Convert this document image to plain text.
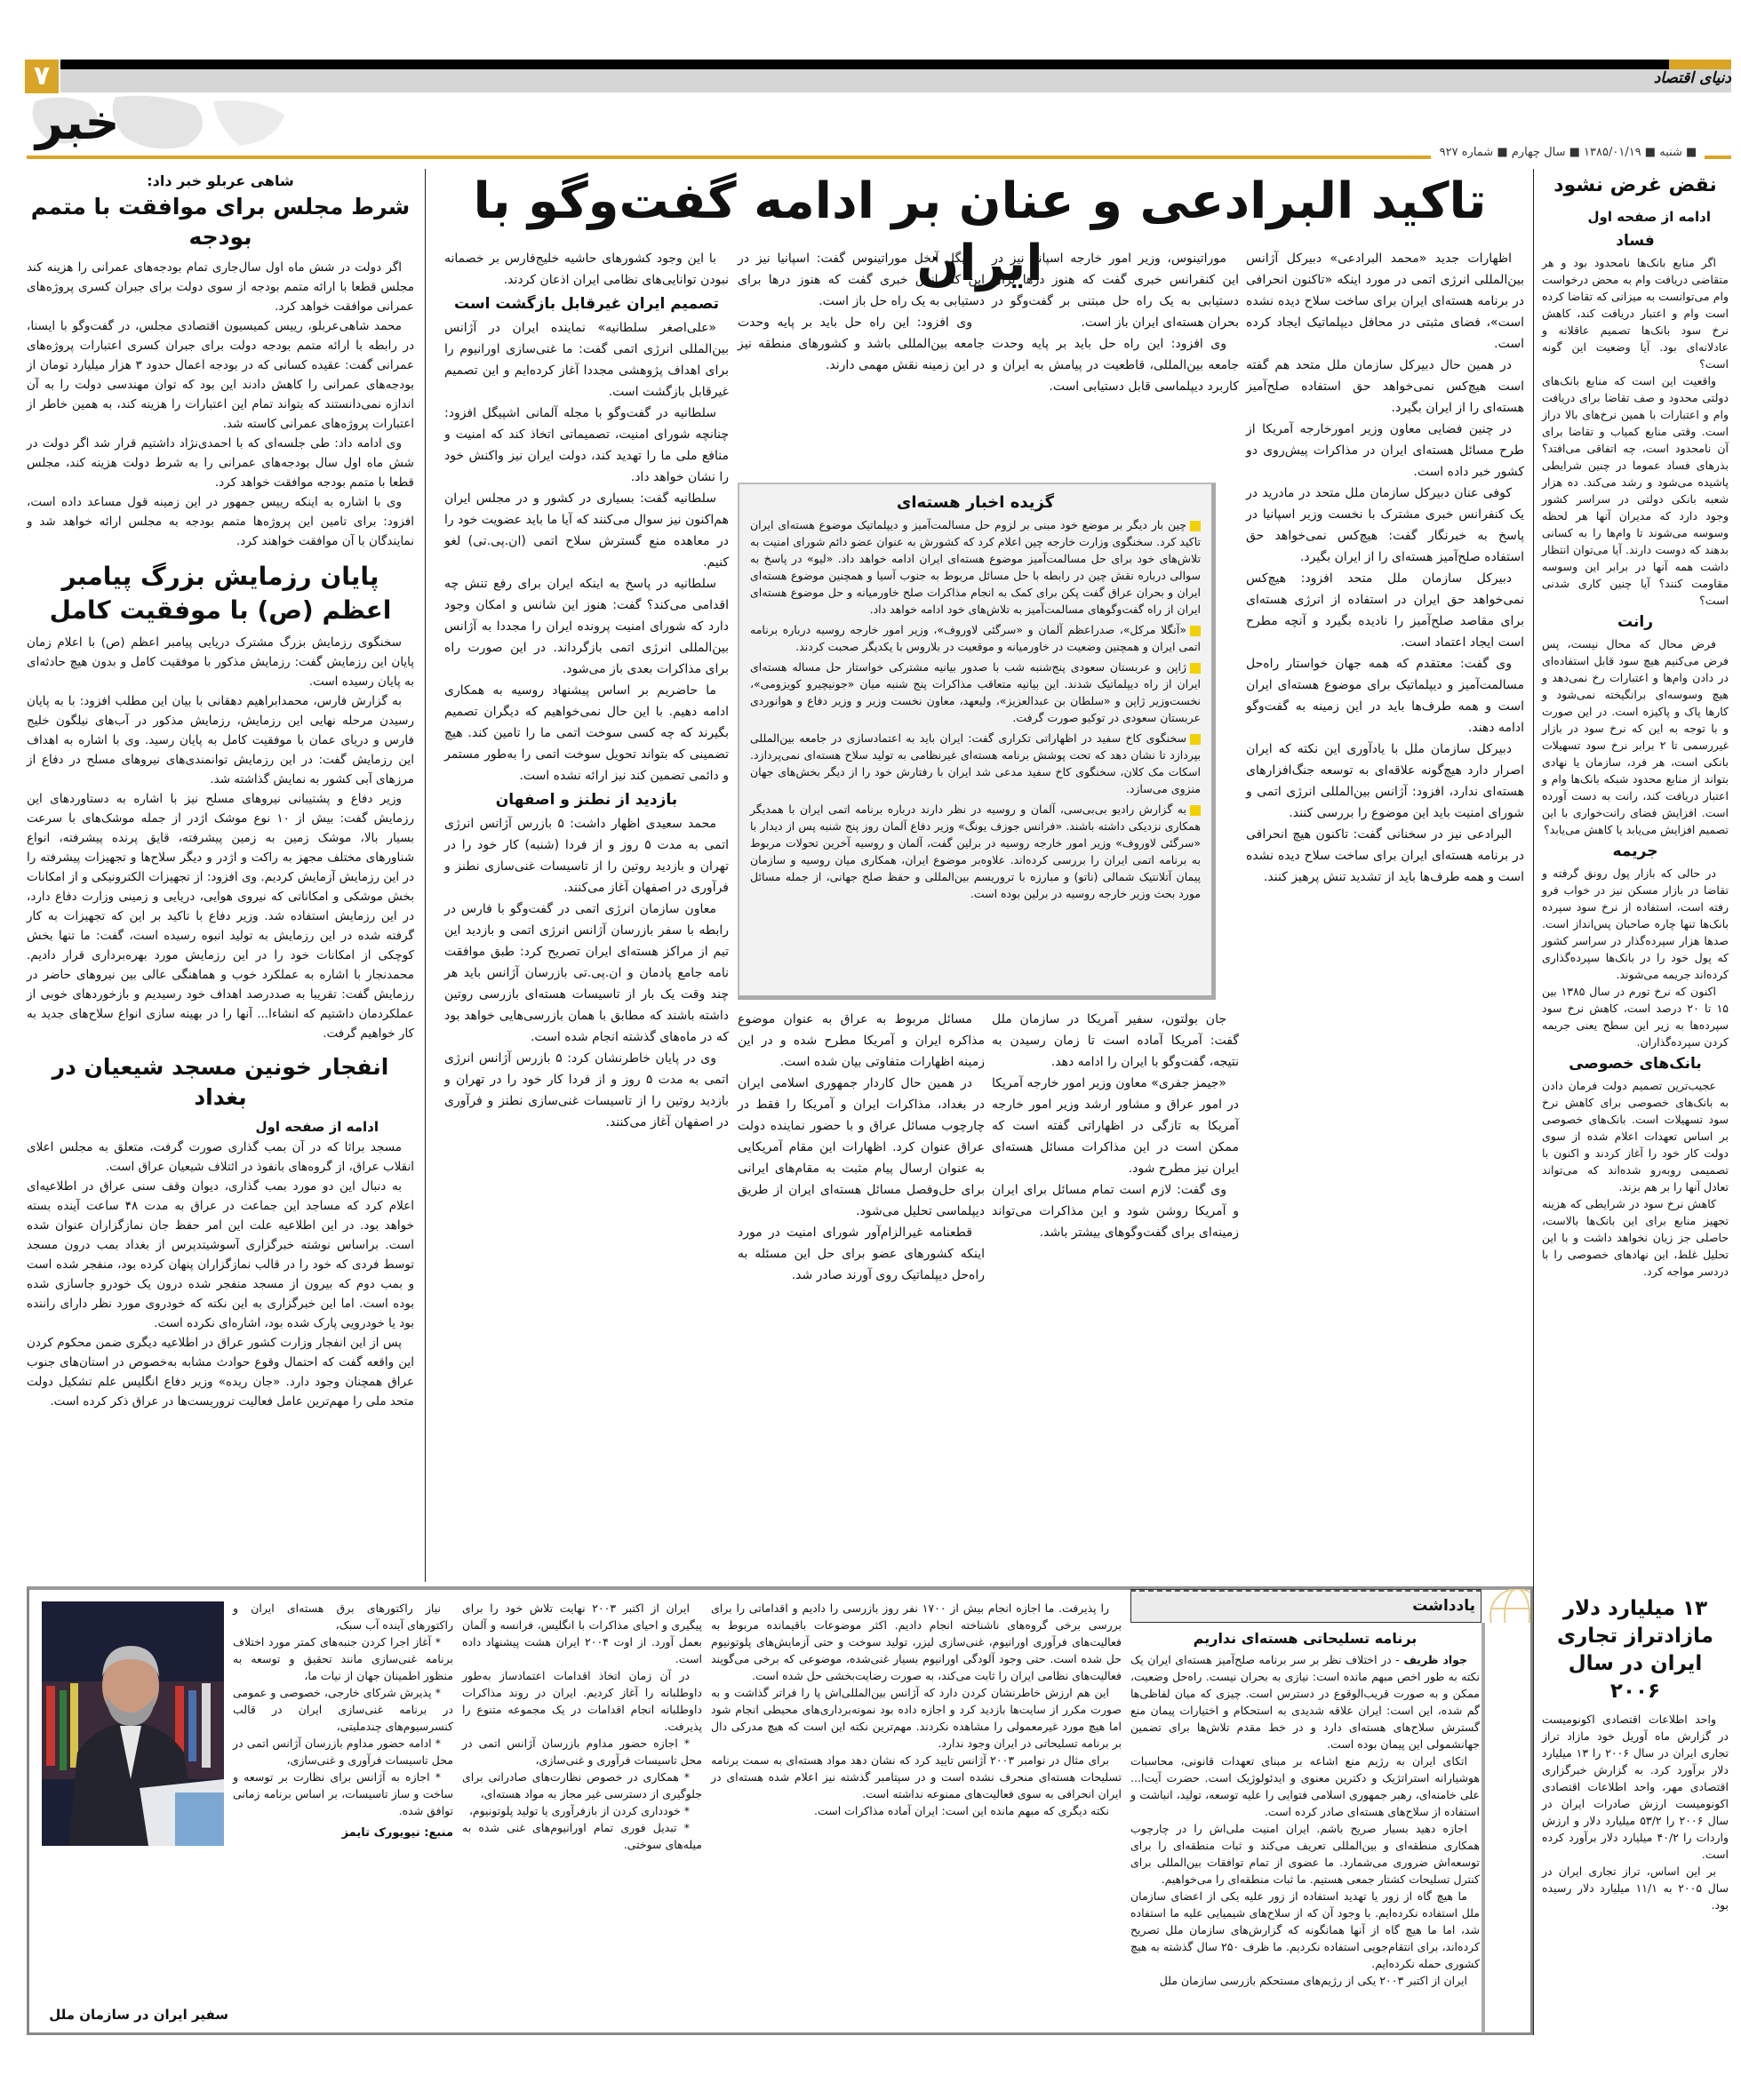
۷	دنیای اقتصاد
خبر
■ شنبه ■ ۱۳۸۵/۰۱/۱۹ ■ سال چهارم ■ شماره ۹۲۷
شاهی عربلو خبر داد:
شرط مجلس برای موافقت با متمم بودجه

اگر دولت در شش ماه اول سال‌جاری تمام بودجه‌های عمرانی را هزینه کند مجلس قطعا با ارائه متمم بودجه از سوی دولت برای جبران کسری پروژه‌های عمرانی موافقت خواهد کرد.

محمد شاهی‌عربلو، رییس کمیسیون اقتصادی مجلس، در گفت‌وگو با ایسنا، در رابطه با ارائه متمم بودجه دولت برای جبران کسری اعتبارات پروژه‌های عمرانی گفت: عقیده کسانی که در بودجه اعمال حدود ۳ هزار میلیارد تومان از بودجه‌های عمرانی را کاهش دادند این بود که توان مهندسی دولت را به آن اندازه نمی‌دانستند که بتواند تمام این اعتبارات را هزینه کند، به همین خاطر از اعتبارات پروژه‌های عمرانی کاسته شد.

وی ادامه داد: طی جلسه‌ای که با احمدی‌نژاد داشتیم قرار شد اگر دولت در شش ماه اول سال بودجه‌های عمرانی را به شرط دولت هزینه کند، مجلس قطعا با متمم بودجه موافقت خواهد کرد.

وی با اشاره به اینکه رییس جمهور در این زمینه قول مساعد داده است، افزود: برای تامین این پروژه‌ها متمم بودجه به مجلس ارائه خواهد شد و نمایندگان با آن موافقت خواهند کرد.

پایان رزمایش بزرگ پیامبر اعظم (ص) با موفقیت کامل

سخنگوی رزمایش بزرگ مشترک دریایی پیامبر اعظم (ص) با اعلام زمان پایان این رزمایش گفت: رزمایش مذکور با موفقیت کامل و بدون هیچ حادثه‌ای به پایان رسیده است.

به گزارش فارس، محمدابراهیم دهقانی با بیان این مطلب افزود: با به پایان رسیدن مرحله نهایی این رزمایش، رزمایش مذکور در آب‌های نیلگون خلیج فارس و دریای عمان با موفقیت کامل به پایان رسید. وی با اشاره به اهداف این رزمایش گفت: در این رزمایش توانمندی‌های نیروهای مسلح در دفاع از مرزهای آبی کشور به نمایش گذاشته شد.

وزیر دفاع و پشتیبانی نیروهای مسلح نیز با اشاره به دستاوردهای این رزمایش گفت: بیش از ۱۰ نوع موشک اژدر از جمله موشک‌های با سرعت بسیار بالا، موشک زمین به زمین پیشرفته، قایق پرنده پیشرفته، انواع شناورهای مختلف مجهز به راکت و اژدر و دیگر سلاح‌ها و تجهیزات پیشرفته را در این رزمایش آزمایش کردیم. وی افزود: از تجهیزات الکترونیکی و از امکانات بخش موشکی و امکاناتی که نیروی هوایی، دریایی و زمینی وزارت دفاع دارد، در این رزمایش استفاده شد. وزیر دفاع با تاکید بر این که تجهیزات به کار گرفته شده در این رزمایش به تولید انبوه رسیده است، گفت: ما تنها بخش کوچکی از امکانات خود را در این رزمایش مورد بهره‌برداری قرار دادیم. محمدنجار با اشاره به عملکرد خوب و هماهنگی عالی بین نیروهای حاضر در رزمایش گفت: تقریبا به صددرصد اهداف خود رسیدیم و بازخوردهای خوبی از عملکردمان داشتیم که انشاءا... آنها را در بهینه سازی انواع سلاح‌های جدید به کار خواهیم گرفت.

انفجار خونین مسجد شیعیان در بغداد
ادامه از صفحه اول

مسجد براثا که در آن بمب گذاری صورت گرفت، متعلق به مجلس اعلای انقلاب عراق، از گروه‌های بانفوذ در ائتلاف شیعیان عراق است.

به دنبال این دو مورد بمب گذاری، دیوان وقف سنی عراق در اطلاعیه‌ای اعلام کرد که مساجد این جماعت در عراق به مدت ۴۸ ساعت آینده بسته خواهد بود. در این اطلاعیه علت این امر حفظ جان نمازگزاران عنوان شده است. براساس نوشته خبرگزاری آسوشیتدپرس از بغداد بمب درون مسجد توسط فردی که خود را در قالب نمازگزاران پنهان کرده بود، منفجر شده است و بمب دوم که بیرون از مسجد منفجر شده درون یک خودرو جاسازی شده بوده است. اما این خبرگزاری به این نکته که خودروی مورد نظر دارای راننده بود یا خودرویی پارک شده بود، اشاره‌ای نکرده است.

پس از این انفجار وزارت کشور عراق در اطلاعیه دیگری ضمن محکوم کردن این واقعه گفت که احتمال وقوع حوادث مشابه به‌خصوص در استان‌های جنوب عراق همچنان وجود دارد. «جان ریده» وزیر دفاع انگلیس علم تشکیل دولت متحد ملی را مهم‌ترین عامل فعالیت تروریست‌ها در عراق ذکر کرده است.

تاکید البرادعی و عنان بر ادامه گفت‌وگو با ایران	اظهارات جدید «محمد البرادعی» دبیرکل آژانس بین‌المللی انرژی اتمی در مورد اینکه «تاکنون انحرافی در برنامه هسته‌ای ایران برای ساخت سلاح دیده نشده است»، فضای مثبتی در محافل دیپلماتیک ایجاد کرده است.

در همین حال دبیرکل سازمان ملل متحد هم گفته است هیچ‌کس نمی‌خواهد حق استفاده صلح‌آمیز هسته‌ای را از ایران بگیرد.

در چنین فضایی معاون وزیر امورخارجه آمریکا از طرح مسائل هسته‌ای ایران در مذاکرات پیش‌روی دو کشور خبر داده است.

کوفی عنان دبیرکل سازمان ملل متحد در مادرید در یک کنفرانس خبری مشترک با نخست وزیر اسپانیا در پاسخ به خبرنگار گفت: هیچ‌کس نمی‌خواهد حق استفاده صلح‌آمیز هسته‌ای را از ایران بگیرد.

دبیرکل سازمان ملل متحد افزود: هیچ‌کس نمی‌خواهد حق ایران در استفاده از انرژی هسته‌ای برای مقاصد صلح‌آمیز را نادیده بگیرد و آنچه مطرح است ایجاد اعتماد است.

وی گفت: معتقدم که همه جهان خواستار راه‌حل مسالمت‌آمیز و دیپلماتیک برای موضوع هسته‌ای ایران است و همه طرف‌ها باید در این زمینه به گفت‌وگو ادامه دهند.

دبیرکل سازمان ملل با یادآوری این نکته که ایران اصرار دارد هیچ‌گونه علاقه‌ای به توسعه جنگ‌افزارهای هسته‌ای ندارد، افزود: آژانس بین‌المللی انرژی اتمی و شورای امنیت باید این موضوع را بررسی کنند.

البرادعی نیز در سخنانی گفت: تاکنون هیچ انحرافی در برنامه هسته‌ای ایران برای ساخت سلاح دیده نشده است و همه طرف‌ها باید از تشدید تنش پرهیز کنند.

موراتینوس، وزیر امور خارجه اسپانیا نیز در این کنفرانس خبری گفت که هنوز درها برای دستیابی به یک راه حل مبتنی بر گفت‌وگو در بحران هسته‌ای ایران باز است.

وی افزود: این راه حل باید بر پایه وحدت جامعه بین‌المللی، قاطعیت در پیامش به ایران و کاربرد دیپلماسی قابل دستیابی است.

میگل آنخل موراتینوس گفت: اسپانیا نیز در این کنفرانس خبری گفت که هنوز درها برای دستیابی به یک راه حل باز است.

وی افزود: این راه حل باید بر پایه وحدت جامعه بین‌المللی باشد و کشورهای منطقه نیز در این زمینه نقش مهمی دارند.

جان بولتون، سفیر آمریکا در سازمان ملل گفت: آمریکا آماده است تا زمان رسیدن به نتیجه، گفت‌وگو با ایران را ادامه دهد.

«جیمز جفری» معاون وزیر امور خارجه آمریکا در امور عراق و مشاور ارشد وزیر امور خارجه آمریکا به تازگی در اظهاراتی گفته است که ممکن است در این مذاکرات مسائل هسته‌ای ایران نیز مطرح شود.

وی گفت: لازم است تمام مسائل برای ایران و آمریکا روشن شود و این مذاکرات می‌تواند زمینه‌ای برای گفت‌وگوهای بیشتر باشد.

مسائل مربوط به عراق به عنوان موضوع مذاکره ایران و آمریکا مطرح شده و در این زمینه اظهارات متفاوتی بیان شده است.

در همین حال کاردار جمهوری اسلامی ایران در بغداد، مذاکرات ایران و آمریکا را فقط در چارچوب مسائل عراق و با حضور نماینده دولت عراق عنوان کرد. اظهارات این مقام آمریکایی به عنوان ارسال پیام مثبت به مقام‌های ایرانی برای حل‌وفصل مسائل هسته‌ای ایران از طریق دیپلماسی تحلیل می‌شود.

قطعنامه غیرالزام‌آور شورای امنیت در مورد اینکه کشورهای عضو برای حل این مسئله به راه‌حل دیپلماتیک روی آورند صادر شد.

با این وجود کشورهای حاشیه خلیج‌فارس بر خصمانه نبودن توانایی‌های نظامی ایران اذعان کردند.

تصمیم ایران غیرقابل بازگشت است

«علی‌اصغر سلطانیه» نماینده ایران در آژانس بین‌المللی انرژی اتمی گفت: ما غنی‌سازی اورانیوم را برای اهداف پژوهشی مجددا آغاز کرده‌ایم و این تصمیم غیرقابل بازگشت است.

سلطانیه در گفت‌وگو با مجله آلمانی اشپیگل افزود: چنانچه شورای امنیت، تصمیماتی اتخاذ کند که امنیت و منافع ملی ما را تهدید کند، دولت ایران نیز واکنش خود را نشان خواهد داد.

سلطانیه گفت: بسیاری در کشور و در مجلس ایران هم‌اکنون نیز سوال می‌کنند که آیا ما باید عضویت خود را در معاهده منع گسترش سلاح اتمی (ان.پی.تی) لغو کنیم.

سلطانیه در پاسخ به اینکه ایران برای رفع تنش چه اقدامی می‌کند؟ گفت: هنوز این شانس و امکان وجود دارد که شورای امنیت پرونده ایران را مجددا به آژانس بین‌المللی انرژی اتمی بازگرداند. در این صورت راه برای مذاکرات بعدی باز می‌شود.

ما حاضریم بر اساس پیشنهاد روسیه به همکاری ادامه دهیم. با این حال نمی‌خواهیم که دیگران تصمیم بگیرند که چه کسی سوخت اتمی ما را تامین کند. هیچ تضمینی که بتواند تحویل سوخت اتمی را به‌طور مستمر و دائمی تضمین کند نیز ارائه نشده است.

بازدید از نطنز و اصفهان

محمد سعیدی اظهار داشت: ۵ بازرس آژانس انرژی اتمی به مدت ۵ روز و از فردا (شنبه) کار خود را در تهران و بازدید روتین را از تاسیسات غنی‌سازی نطنز و فرآوری در اصفهان آغاز می‌کنند.

معاون سازمان انرژی اتمی در گفت‌وگو با فارس در رابطه با سفر بازرسان آژانس انرژی اتمی و بازدید این تیم از مراکز هسته‌ای ایران تصریح کرد: طبق موافقت نامه جامع پادمان و ان.پی.تی بازرسان آژانس باید هر چند وقت یک بار از تاسیسات هسته‌ای بازرسی روتین داشته باشند که مطابق با همان بازرسی‌هایی خواهد بود که در ماه‌های گذشته انجام شده است.

وی در پایان خاطرنشان کرد: ۵ بازرس آژانس انرژی اتمی به مدت ۵ روز و از فردا کار خود را در تهران و بازدید روتین را از تاسیسات غنی‌سازی نطنز و فرآوری در اصفهان آغاز می‌کنند.

گزیده اخبار هسته‌ای

چین بار دیگر بر موضع خود مبنی بر لزوم حل مسالمت‌آمیز و دیپلماتیک موضوع هسته‌ای ایران تاکید کرد. سخنگوی وزارت خارجه چین اعلام کرد که کشورش به عنوان عضو دائم شورای امنیت به تلاش‌های خود برای حل مسالمت‌آمیز موضوع هسته‌ای ایران ادامه خواهد داد. «لیو» در پاسخ به سوالی درباره نقش چین در رابطه با حل مسائل مربوط به جنوب آسیا و همچنین موضوع هسته‌ای ایران و بحران عراق گفت پکن برای کمک به انجام مذاکرات صلح خاورمیانه و حل موضوع هسته‌ای ایران از راه گفت‌وگوهای مسالمت‌آمیز به تلاش‌های خود ادامه خواهد داد.

«آنگلا مرکل»، صدراعظم آلمان و «سرگئی لاوروف»، وزیر امور خارجه روسیه درباره برنامه اتمی ایران و همچنین وضعیت در خاورمیانه و موقعیت در بلاروس با یکدیگر صحبت کردند.

ژاپن و عربستان سعودی پنج‌شنبه شب با صدور بیانیه مشترکی خواستار حل مساله هسته‌ای ایران از راه دیپلماتیک شدند. این بیانیه متعاقب مذاکرات پنج شنبه میان «جونیچیرو کویزومی»، نخست‌وزیر ژاپن و «سلطان بن عبدالعزیز»، ولیعهد، معاون نخست وزیر و وزیر دفاع و هوانوردی عربستان سعودی در توکیو صورت گرفت.

سخنگوی کاخ سفید در اظهاراتی تکراری گفت: ایران باید به اعتمادسازی در جامعه بین‌المللی بپردازد تا نشان دهد که تحت پوشش برنامه هسته‌ای غیرنظامی به تولید سلاح هسته‌ای نمی‌پردازد. اسکات مک کلان، سخنگوی کاخ سفید مدعی شد ایران با رفتارش خود را از دیگر بخش‌های جهان منزوی می‌سازد.

به گزارش رادیو بی‌بی‌سی، آلمان و روسیه در نظر دارند درباره برنامه اتمی ایران با همدیگر همکاری نزدیکی داشته باشند. «فرانس جوزف یونگ» وزیر دفاع آلمان روز پنج شنبه پس از دیدار با «سرگئی لاوروف» وزیر امور خارجه روسیه در برلین گفت، آلمان و روسیه آخرین تحولات مربوط به برنامه اتمی ایران را بررسی کرده‌اند. علاوه‌بر موضوع ایران، همکاری میان روسیه و سازمان پیمان آتلانتیک شمالی (ناتو) و مبارزه با تروریسم بین‌المللی و حفظ صلح جهانی، از جمله مسائل مورد بحث وزیر خارجه روسیه در برلین بوده است.

نقض غرض نشود
ادامه از صفحه اول
فساد

اگر منابع بانک‌ها نامحدود بود و هر متقاضی دریافت وام به محض درخواست وام می‌توانست به میزانی که تقاضا کرده است وام و اعتبار دریافت کند، کاهش نرخ سود بانک‌ها تصمیم عاقلانه و عادلانه‌ای بود. آیا وضعیت این گونه است؟

واقعیت این است که منابع بانک‌های دولتی محدود و صف تقاضا برای دریافت وام و اعتبارات با همین نرخ‌های بالا دراز است. وقتی منابع کمیاب و تقاضا برای آن نامحدود است، چه اتفاقی می‌افتد؟ بذرهای فساد عموما در چنین شرایطی پاشیده می‌شود و رشد می‌کند. ده هزار شعبه بانکی دولتی در سراسر کشور وجود دارد که مدیران آنها هر لحظه وسوسه می‌شوند تا وام‌ها را به کسانی بدهند که دوست دارند. آیا می‌توان انتظار داشت همه آنها در برابر این وسوسه مقاومت کنند؟ آیا چنین کاری شدنی است؟

رانت

فرض محال که محال نیست، پس فرض می‌کنیم هیچ سود قابل استفاده‌ای در دادن وام‌ها و اعتبارات رخ نمی‌دهد و هیچ وسوسه‌ای برانگیخته نمی‌شود و کارها پاک و پاکیزه است. در این صورت و با توجه به این که نرخ سود در بازار غیررسمی تا ۲ برابر نرخ سود تسهیلات بانکی است، هر فرد، سازمان یا نهادی بتواند از منابع محدود شبکه بانک‌ها وام و اعتبار دریافت کند، رانت به دست آورده است. افزایش فضای رانت‌خواری با این تصمیم افزایش می‌یابد یا کاهش می‌یابد؟

جریمه

در حالی که بازار پول رونق گرفته و تقاضا در بازار مسکن نیز در خواب فرو رفته است، استفاده از نرخ سود سپرده بانک‌ها تنها چاره صاحبان پس‌انداز است. صدها هزار سپرده‌گذار در سراسر کشور که پول خود را در بانک‌ها سپرده‌گذاری کرده‌اند جریمه می‌شوند.

اکنون که نرخ تورم در سال ۱۳۸۵ بین ۱۵ تا ۲۰ درصد است، کاهش نرخ سود سپرده‌ها به زیر این سطح یعنی جریمه کردن سپرده‌گذاران.

بانک‌های خصوصی

عجیب‌ترین تصمیم دولت فرمان دادن به بانک‌های خصوصی برای کاهش نرخ سود تسهیلات است. بانک‌های خصوصی بر اساس تعهدات اعلام شده از سوی دولت کار خود را آغاز کردند و اکنون با تصمیمی روبه‌رو شده‌اند که می‌تواند تعادل آنها را بر هم بزند.

کاهش نرخ سود در شرایطی که هزینه تجهیز منابع برای این بانک‌ها بالاست، حاصلی جز زیان نخواهد داشت و با این تحلیل غلط، این نهادهای خصوصی را با دردسر مواجه کرد.

۱۳ میلیارد دلار مازادتراز تجاری ایران در سال ۲۰۰۶

واحد اطلاعات اقتصادی اکونومیست در گزارش ماه آوریل خود مازاد تراز تجاری ایران در سال ۲۰۰۶ را ۱۳ میلیارد دلار برآورد کرد. به گزارش خبرگزاری اقتصادی مهر، واحد اطلاعات اقتصادی اکونومیست ارزش صادرات ایران در سال ۲۰۰۶ را ۵۳/۲ میلیارد دلار و ارزش واردات را ۴۰/۲ میلیارد دلار برآورد کرده است.

بر این اساس، تراز تجاری ایران در سال ۲۰۰۵ به ۱۱/۱ میلیارد دلار رسیده بود.

نیاز راکتورهای برق هسته‌ای ایران و راکتورهای آینده آب سبک،

* آغاز اجرا کردن جنبه‌های کمتر مورد اختلاف برنامه غنی‌سازی مانند تحقیق و توسعه به منظور اطمینان جهان از نیات ما،

* پذیرش شرکای خارجی، خصوصی و عمومی در برنامه غنی‌سازی ایران در قالب کنسرسیوم‌های چندملیتی،

* ادامه حضور مداوم بازرسان آژانس اتمی در محل تاسیسات فرآوری و غنی‌سازی،

* اجازه به آژانس برای نظارت بر توسعه و ساخت و ساز تاسیسات، بر اساس برنامه زمانی توافق شده.

منبع: نیویورک تایمز
سفیر ایران در سازمان ملل

ایران از اکتبر ۲۰۰۳ نهایت تلاش خود را برای پیگیری و احیای مذاکرات با انگلیس، فرانسه و آلمان بعمل آورد. از اوت ۲۰۰۴ ایران هشت پیشنهاد داده است.

در آن زمان اتخاذ اقدامات اعتمادساز به‌طور داوطلبانه را آغاز کردیم. ایران در روند مذاکرات داوطلبانه انجام اقدامات در یک مجموعه متنوع را پذیرفت.

* اجازه حضور مداوم بازرسان آژانس اتمی در محل تاسیسات فرآوری و غنی‌سازی،

* همکاری در خصوص نظارت‌های صادراتی برای جلوگیری از دسترسی غیر مجاز به مواد هسته‌ای،

* خودداری کردن از بازفرآوری یا تولید پلوتونیوم،

* تبدیل فوری تمام اورانیوم‌های غنی شده به میله‌های سوختی.

را پذیرفت. ما اجازه انجام بیش از ۱۷۰۰ نفر روز بازرسی را دادیم و اقداماتی را برای بررسی برخی گروه‌های ناشناخته انجام دادیم. اکثر موضوعات باقیمانده مربوط به فعالیت‌های فرآوری اورانیوم، غنی‌سازی لیزر، تولید سوخت و حتی آزمایش‌های پلوتونیوم حل شده است. حتی وجود آلودگی اورانیوم بسیار غنی‌شده، موضوعی که برخی می‌گویند فعالیت‌های نظامی ایران را ثابت می‌کند، به صورت رضایت‌بخشی حل شده است.

این هم ارزش خاطرنشان کردن دارد که آژانس بین‌المللی‌اش پا را فراتر گذاشت و به صورت مکرر از سایت‌ها بازدید کرد و اجازه داده بود نمونه‌برداری‌های محیطی انجام شود اما هیچ مورد غیرمعمولی را مشاهده نکردند. مهم‌ترین نکته این است که هیچ مدرکی دال بر برنامه تسلیحاتی در ایران وجود ندارد.

برای مثال در نوامبر ۲۰۰۳ آژانس تایید کرد که نشان دهد مواد هسته‌ای به سمت برنامه تسلیحات هسته‌ای منحرف نشده است و در سپتامبر گذشته نیز اعلام شده هسته‌ای در ایران انحرافی به سوی فعالیت‌های ممنوعه نداشته است.

نکته دیگری که مبهم مانده این است: ایران آماده مذاکرات است.

یادداشت
برنامه تسلیحاتی هسته‌ای نداریم

جواد ظریف - در اختلاف نظر بر سر برنامه صلح‌آمیز هسته‌ای ایران یک نکته به طور اخص مبهم مانده است: نیازی به بحران نیست. راه‌حل وضعیت، ممکن و به صورت قریب‌الوقوع در دسترس است. چیزی که میان لفاظی‌ها گم شده، این است: ایران علاقه شدیدی به استحکام و اختیارات پیمان منع گسترش سلاح‌های هسته‌ای دارد و در خط مقدم تلاش‌ها برای تضمین جهانشمولی این پیمان بوده است.

اتکای ایران به رژیم منع اشاعه بر مبنای تعهدات قانونی، محاسبات هوشیارانه استراتژیک و دکترین معنوی و ایدئولوژیک است. حضرت آیت‌ا... علی خامنه‌ای، رهبر جمهوری اسلامی فتوایی را علیه توسعه، تولید، انباشت و استفاده از سلاح‌های هسته‌ای صادر کرده است.

اجازه دهید بسیار صریح باشم. ایران امنیت ملی‌اش را در چارچوب همکاری منطقه‌ای و بین‌المللی تعریف می‌کند و ثبات منطقه‌ای را برای توسعه‌اش ضروری می‌شمارد. ما عضوی از تمام توافقات بین‌المللی برای کنترل تسلیحات کشتار جمعی هستیم. ما ثبات منطقه‌ای را می‌خواهیم.

ما هیچ گاه از زور یا تهدید استفاده از زور علیه یکی از اعضای سازمان ملل استفاده نکرده‌ایم. با وجود آن که از سلاح‌های شیمیایی علیه ما استفاده شد، اما ما هیچ گاه از آنها همانگونه که گزارش‌های سازمان ملل تصریح کرده‌اند، برای انتقام‌جویی استفاده نکردیم. ما ظرف ۲۵۰ سال گذشته به هیچ کشوری حمله نکرده‌ایم.

ایران از اکتبر ۲۰۰۳ یکی از رژیم‌های مستحکم بازرسی سازمان ملل
